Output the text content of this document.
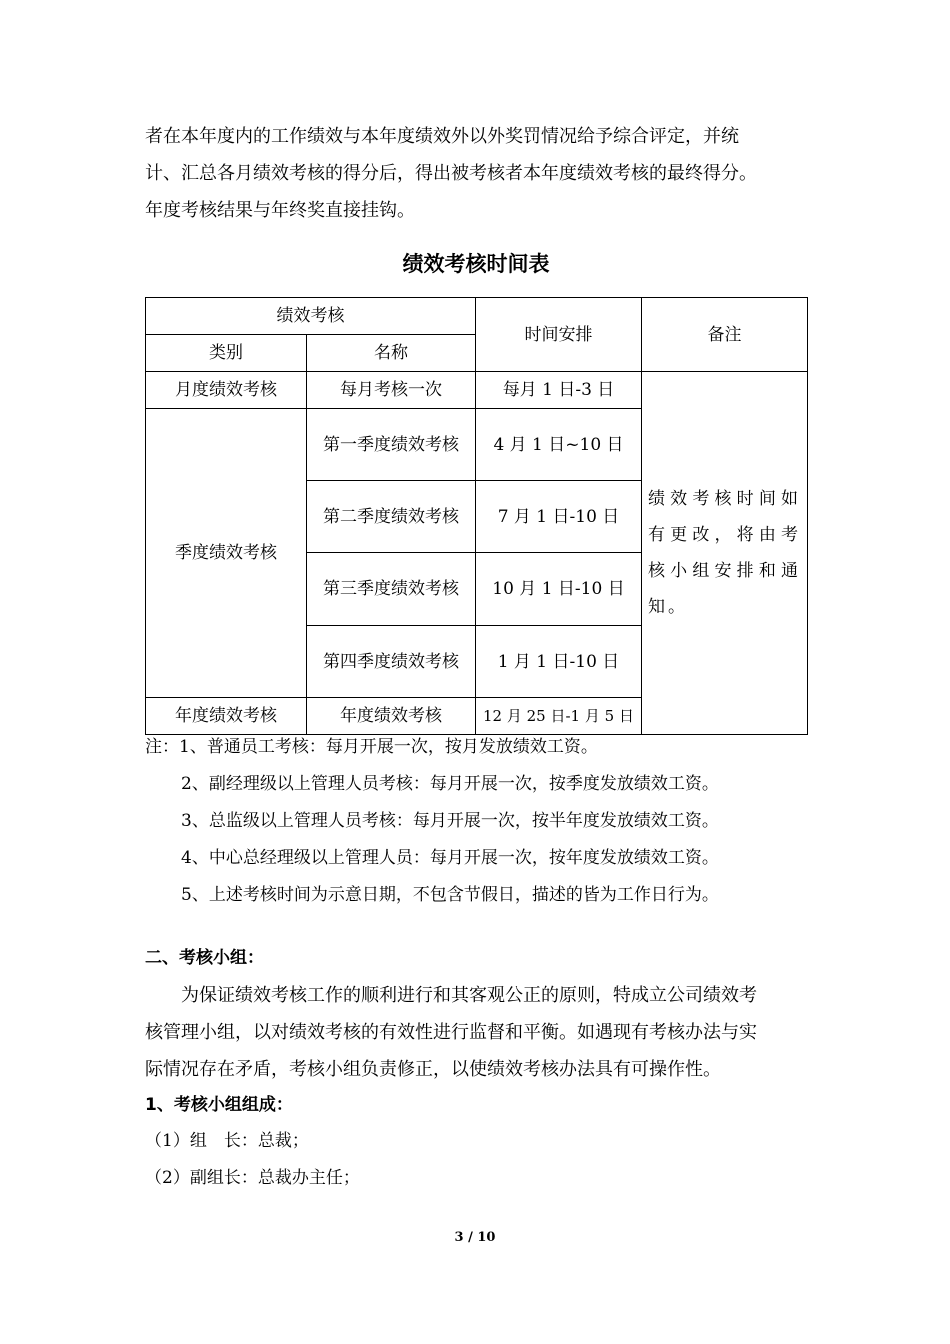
者在本年度内的工作绩效与本年度绩效外以外奖罚情况给予综合评定，并统
计、汇总各月绩效考核的得分后，得出被考核者本年度绩效考核的最终得分。
年度考核结果与年终奖直接挂钩。
绩效考核时间表
绩效考核		时间安排	备注
类别	名称		
月度绩效考核	每月考核一次	每月 1 日-3 日	绩效考核时间如有更改，将由考核小组安排和通知。
季度绩效考核	第一季度绩效考核	4 月 1 日~10 日	
	第二季度绩效考核	7 月 1 日-10 日	
	第三季度绩效考核	10 月 1 日-10 日	
	第四季度绩效考核	1 月 1 日-10 日	
年度绩效考核	年度绩效考核	12 月 25 日-1 月 5 日	
注：1、普通员工考核：每月开展一次，按月发放绩效工资。
2、副经理级以上管理人员考核：每月开展一次，按季度发放绩效工资。
3、总监级以上管理人员考核：每月开展一次，按半年度发放绩效工资。
4、中心总经理级以上管理人员：每月开展一次，按年度发放绩效工资。
5、上述考核时间为示意日期，不包含节假日，描述的皆为工作日行为。
二、考核小组：
为保证绩效考核工作的顺利进行和其客观公正的原则，特成立公司绩效考
核管理小组，以对绩效考核的有效性进行监督和平衡。如遇现有考核办法与实
际情况存在矛盾，考核小组负责修正，以使绩效考核办法具有可操作性。
1、考核小组组成：
（1）组　长：总裁；
（2）副组长：总裁办主任；
3 / 10
